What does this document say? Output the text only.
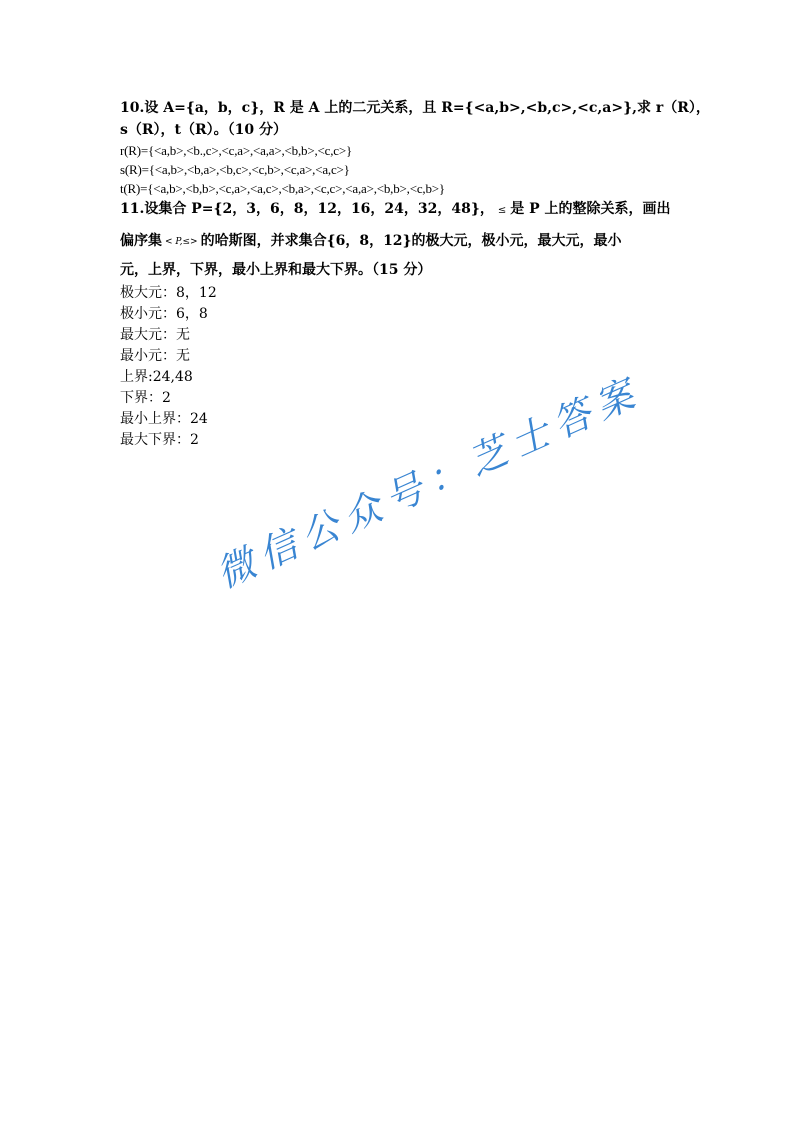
10.设 A={a，b，c}，R 是 A 上的二元关系，且 R={<a,b>,<b,c>,<c,a>},求 r（R），
s（R），t（R）。（10 分）
r(R)={<a,b>,<b.,c>,<c,a>,<a,a>,<b,b>,<c,c>}
s(R)={<a,b>,<b,a>,<b,c>,<c,b>,<c,a>,<a,c>}
t(R)={<a,b>,<b,b>,<c,a>,<a,c>,<b,a>,<c,c>,<a,a>,<b,b>,<c,b>}
11.设集合 P={2，3，6，8，12，16，24，32，48}， ≤ 是 P 上的整除关系，画出
偏序集 < P,≤> 的哈斯图，并求集合{6，8，12}的极大元，极小元，最大元，最小
元，上界，下界，最小上界和最大下界。（15 分）
极大元：8，12
极小元：6，8
最大元：无
最小元：无
上界:24,48
下界：2
最小上界：24
最大下界：2 微信公众号：芝士答案
